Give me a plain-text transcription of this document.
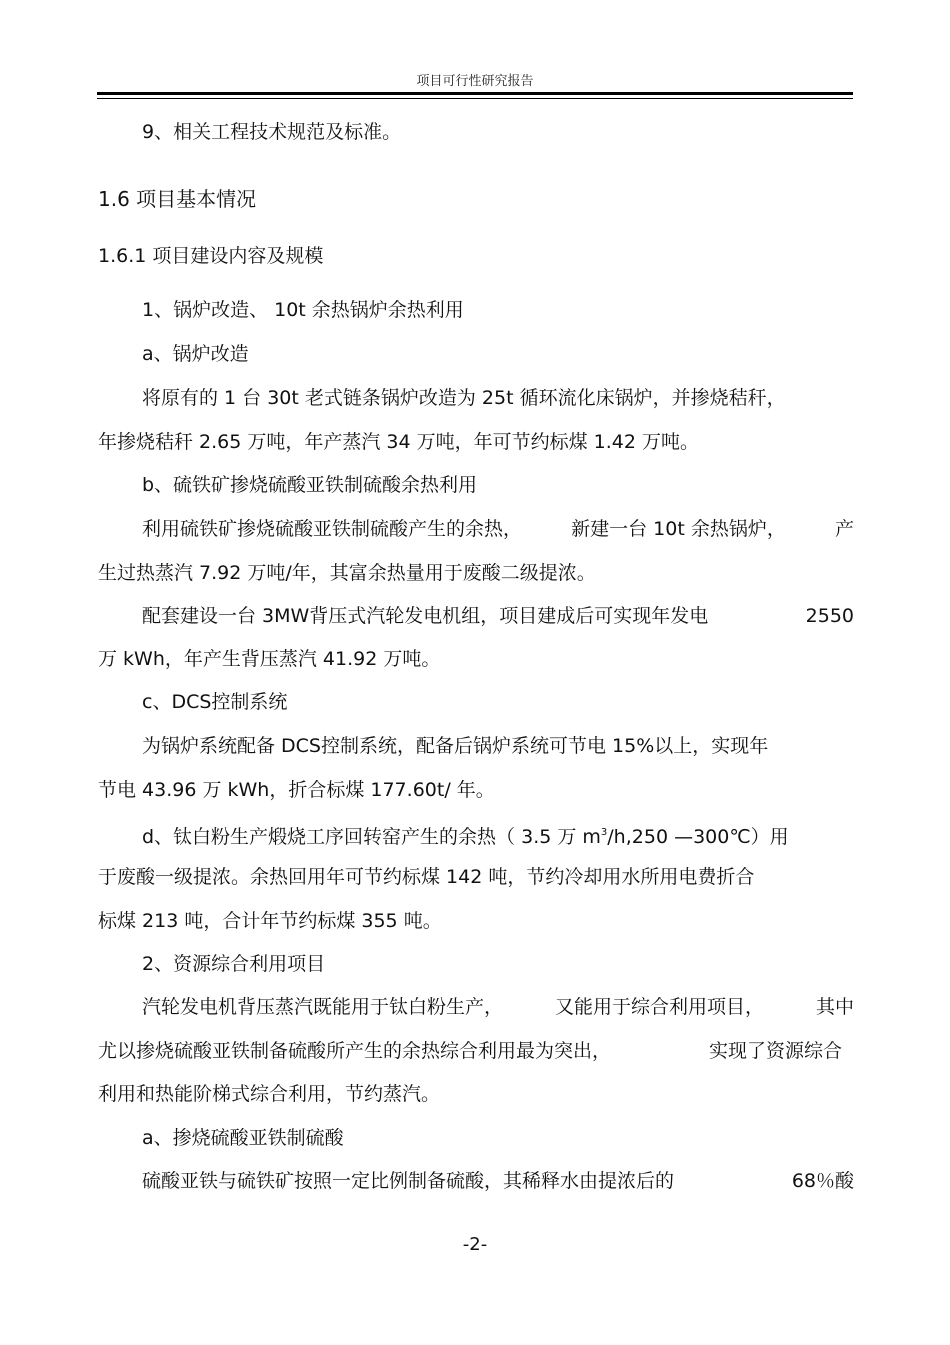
项目可行性研究报告
9、相关工程技术规范及标准。
1.6 项目基本情况
1.6.1 项目建设内容及规模
1、锅炉改造、 10t 余热锅炉余热利用
a、锅炉改造
将原有的 1 台 30t 老式链条锅炉改造为 25t 循环流化床锅炉，并掺烧秸秆，
年掺烧秸秆 2.65 万吨，年产蒸汽 34 万吨，年可节约标煤 1.42 万吨。
b、硫铁矿掺烧硫酸亚铁制硫酸余热利用
利用硫铁矿掺烧硫酸亚铁制硫酸产生的余热，	新建一台 10t 余热锅炉，	产
生过热蒸汽 7.92 万吨/年，其富余热量用于废酸二级提浓。
配套建设一台 3MW背压式汽轮发电机组，项目建成后可实现年发电	2550
万 kWh，年产生背压蒸汽 41.92 万吨。
c、DCS控制系统
为锅炉系统配备 DCS控制系统，配备后锅炉系统可节电 15%以上，实现年
节电 43.96 万 kWh，折合标煤 177.60t/ 年。
d、钛白粉生产煅烧工序回转窑产生的余热（ 3.5 万 $m^3/h,250$ —300℃）用
于废酸一级提浓。余热回用年可节约标煤 142 吨，节约冷却用水所用电费折合
标煤 213 吨，合计年节约标煤 355 吨。
2、资源综合利用项目
汽轮发电机背压蒸汽既能用于钛白粉生产，	又能用于综合利用项目，	其中
尤以掺烧硫酸亚铁制备硫酸所产生的余热综合利用最为突出，	实现了资源综合
利用和热能阶梯式综合利用，节约蒸汽。
a、掺烧硫酸亚铁制硫酸
硫酸亚铁与硫铁矿按照一定比例制备硫酸，其稀释水由提浓后的	68％酸
-2-
